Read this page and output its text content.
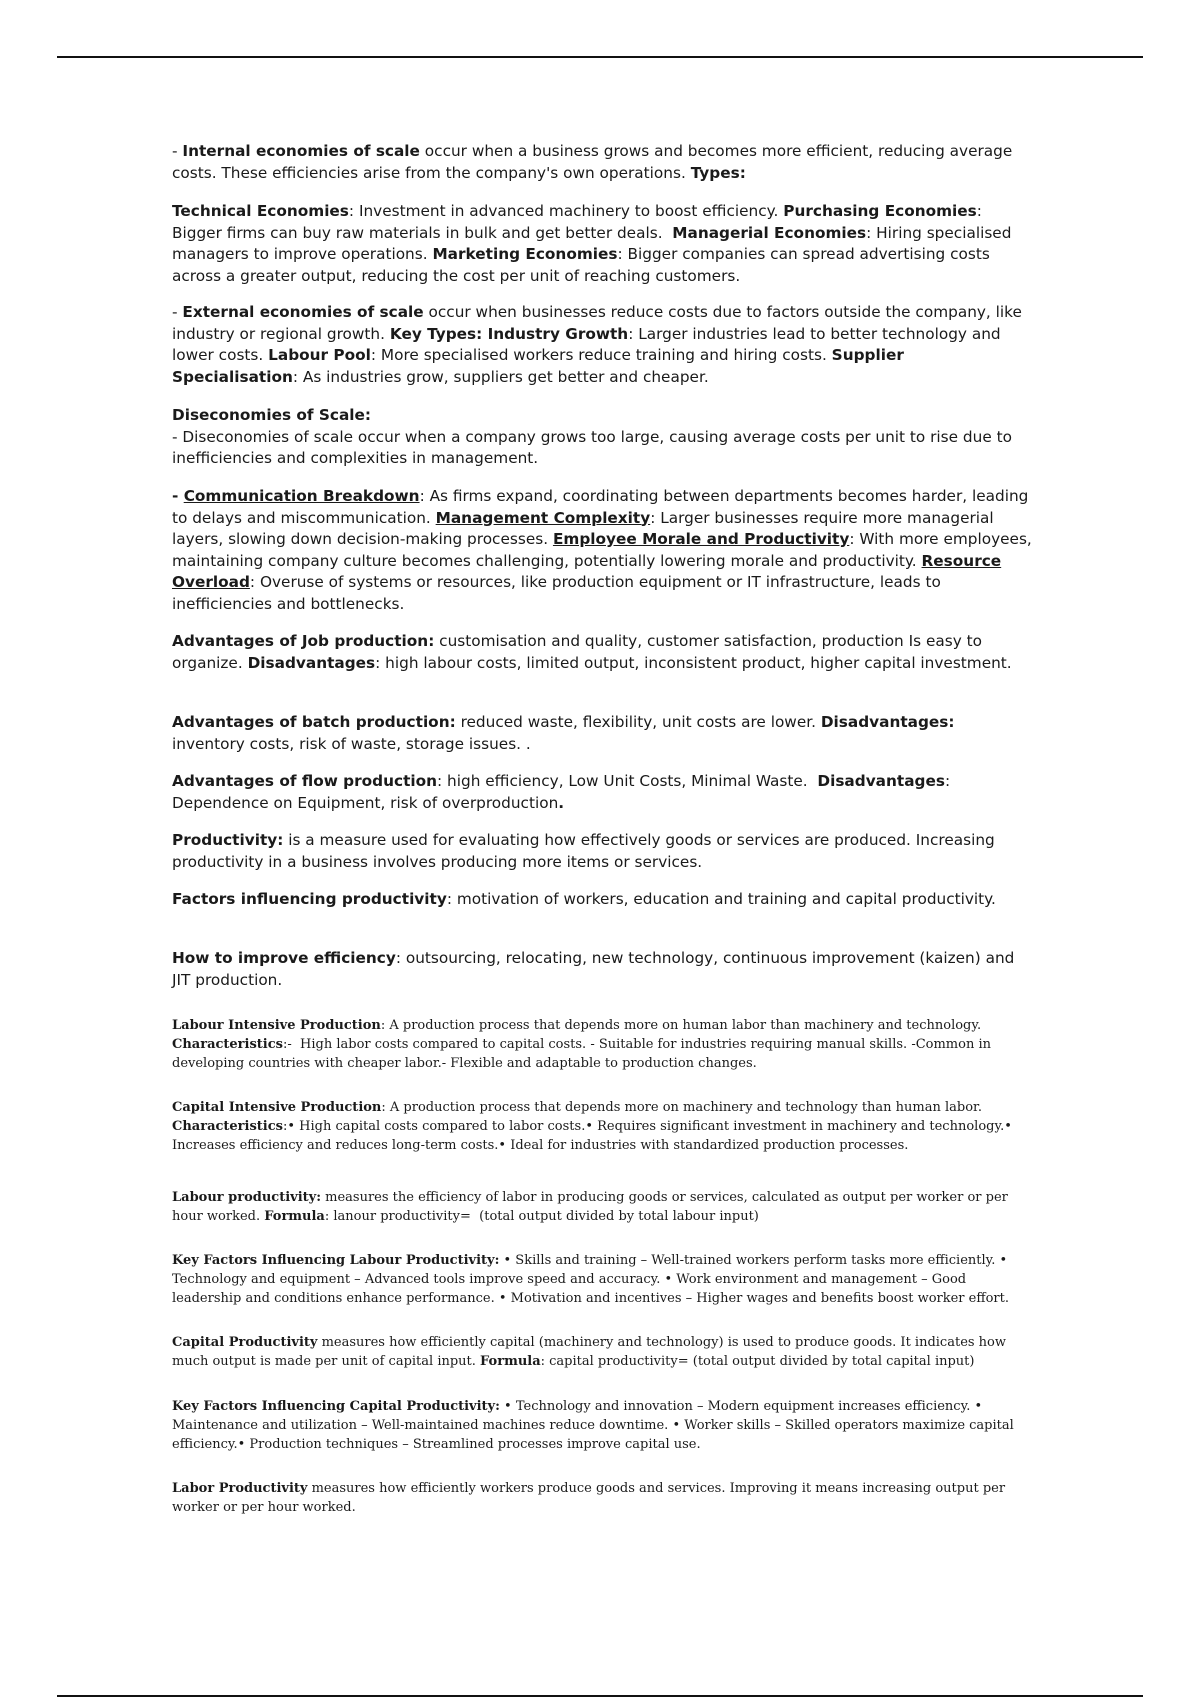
- Internal economies of scale occur when a business grows and becomes more efficient, reducing average costs. These efficiencies arise from the company's own operations. Types:

Technical Economies: Investment in advanced machinery to boost efficiency. Purchasing Economies: Bigger firms can buy raw materials in bulk and get better deals.  Managerial Economies: Hiring specialised managers to improve operations. Marketing Economies: Bigger companies can spread advertising costs across a greater output, reducing the cost per unit of reaching customers.

- External economies of scale occur when businesses reduce costs due to factors outside the company, like industry or regional growth. Key Types: Industry Growth: Larger industries lead to better technology and lower costs. Labour Pool: More specialised workers reduce training and hiring costs. Supplier Specialisation: As industries grow, suppliers get better and cheaper.

Diseconomies of Scale:
- Diseconomies of scale occur when a company grows too large, causing average costs per unit to rise due to inefficiencies and complexities in management.

- Communication Breakdown: As firms expand, coordinating between departments becomes harder, leading to delays and miscommunication. Management Complexity: Larger businesses require more managerial layers, slowing down decision-making processes. Employee Morale and Productivity: With more employees, maintaining company culture becomes challenging, potentially lowering morale and productivity. Resource Overload: Overuse of systems or resources, like production equipment or IT infrastructure, leads to inefficiencies and bottlenecks.

Advantages of Job production: customisation and quality, customer satisfaction, production Is easy to organize. Disadvantages: high labour costs, limited output, inconsistent product, higher capital investment.

Advantages of batch production: reduced waste, flexibility, unit costs are lower. Disadvantages: inventory costs, risk of waste, storage issues. .

Advantages of flow production: high efficiency, Low Unit Costs, Minimal Waste.  Disadvantages: Dependence on Equipment, risk of overproduction.

Productivity: is a measure used for evaluating how effectively goods or services are produced. Increasing productivity in a business involves producing more items or services.

Factors influencing productivity: motivation of workers, education and training and capital productivity.

How to improve efficiency: outsourcing, relocating, new technology, continuous improvement (kaizen) and JIT production.

Labour Intensive Production: A production process that depends more on human labor than machinery and technology. Characteristics:-  High labor costs compared to capital costs. - Suitable for industries requiring manual skills. -Common in developing countries with cheaper labor.- Flexible and adaptable to production changes.

Capital Intensive Production: A production process that depends more on machinery and technology than human labor. Characteristics:• High capital costs compared to labor costs.• Requires significant investment in machinery and technology.• Increases efficiency and reduces long-term costs.• Ideal for industries with standardized production processes.

Labour productivity: measures the efficiency of labor in producing goods or services, calculated as output per worker or per hour worked. Formula: lanour productivity=  (total output divided by total labour input)

Key Factors Influencing Labour Productivity: • Skills and training – Well-trained workers perform tasks more efficiently. • Technology and equipment – Advanced tools improve speed and accuracy. • Work environment and management – Good leadership and conditions enhance performance. • Motivation and incentives – Higher wages and benefits boost worker effort.

Capital Productivity measures how efficiently capital (machinery and technology) is used to produce goods. It indicates how much output is made per unit of capital input. Formula: capital productivity= (total output divided by total capital input)

Key Factors Influencing Capital Productivity: • Technology and innovation – Modern equipment increases efficiency. • Maintenance and utilization – Well-maintained machines reduce downtime. • Worker skills – Skilled operators maximize capital efficiency.• Production techniques – Streamlined processes improve capital use.

Labor Productivity measures how efficiently workers produce goods and services. Improving it means increasing output per worker or per hour worked.
